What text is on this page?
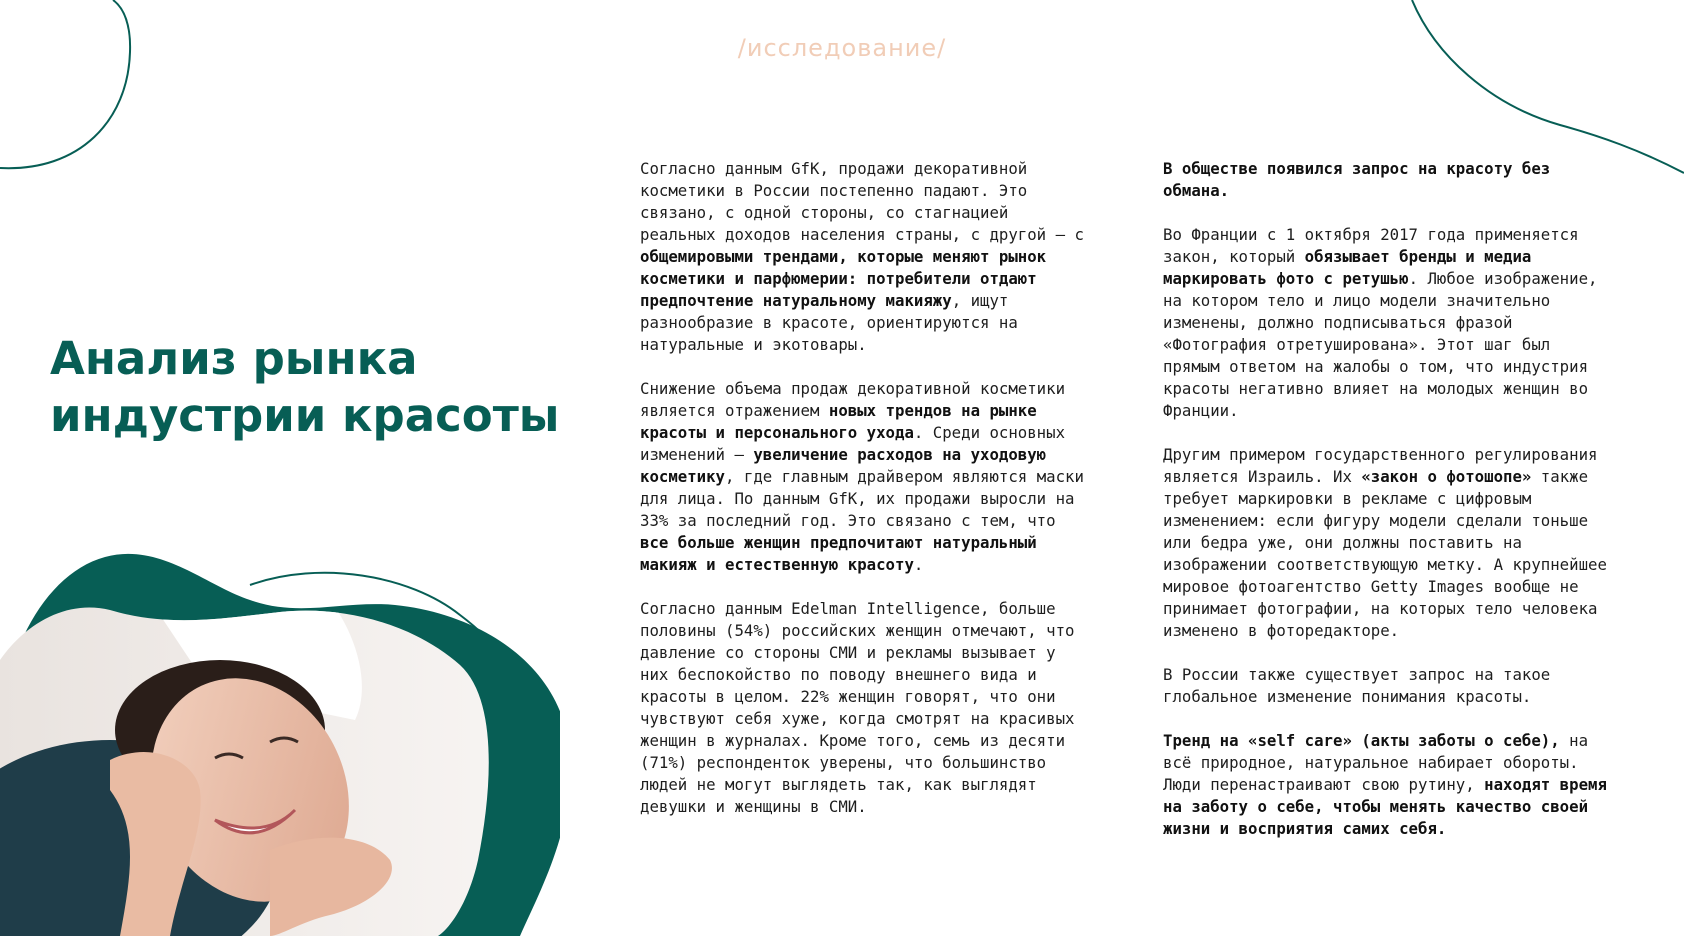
/исследование/
Анализ рынка
индустрии красоты

Согласно данным GfK, продажи декоративной косметики в России постепенно падают. Это связано, с одной стороны, со стагнацией реальных доходов населения страны, с другой — с общемировыми трендами, которые меняют рынок косметики и парфюмерии: потребители отдают предпочтение натуральному макияжу, ищут разнообразие в красоте, ориентируются на натуральные и экотовары.

Снижение объема продаж декоративной косметики является отражением новых трендов на рынке красоты и персонального ухода. Среди основных изменений — увеличение расходов на уходовую косметику, где главным драйвером являются маски для лица. По данным GfK, их продажи выросли на 33% за последний год. Это связано с тем, что все больше женщин предпочитают натуральный макияж и естественную красоту.

Согласно данным Edelman Intelligence, больше половины (54%) российских женщин отмечают, что давление со стороны СМИ и рекламы вызывает у них беспокойство по поводу внешнего вида и красоты в целом. 22% женщин говорят, что они чувствуют себя хуже, когда смотрят на красивых женщин в журналах. Кроме того, семь из десяти (71%) респонденток уверены, что большинство людей не могут выглядеть так, как выглядят девушки и женщины в СМИ.

В обществе появился запрос на красоту без обмана.

Во Франции с 1 октября 2017 года применяется закон, который обязывает бренды и медиа маркировать фото с ретушью. Любое изображение, на котором тело и лицо модели значительно изменены, должно подписываться фразой «Фотография отретуширована». Этот шаг был прямым ответом на жалобы о том, что индустрия красоты негативно влияет на молодых женщин во Франции.

Другим примером государственного регулирования является Израиль. Их «закон о фотошопе» также требует маркировки в рекламе с цифровым изменением: если фигуру модели сделали тоньше или бедра уже, они должны поставить на изображении соответствующую метку. А крупнейшее мировое фотоагентство Getty Images вообще не принимает фотографии, на которых тело человека изменено в фоторедакторе.

В России также существует запрос на такое глобальное изменение понимания красоты.

Тренд на «self care» (акты заботы о себе), на всё природное, натуральное набирает обороты. Люди перенастраивают свою рутину, находят время на заботу о себе, чтобы менять качество своей жизни и восприятия самих себя.
